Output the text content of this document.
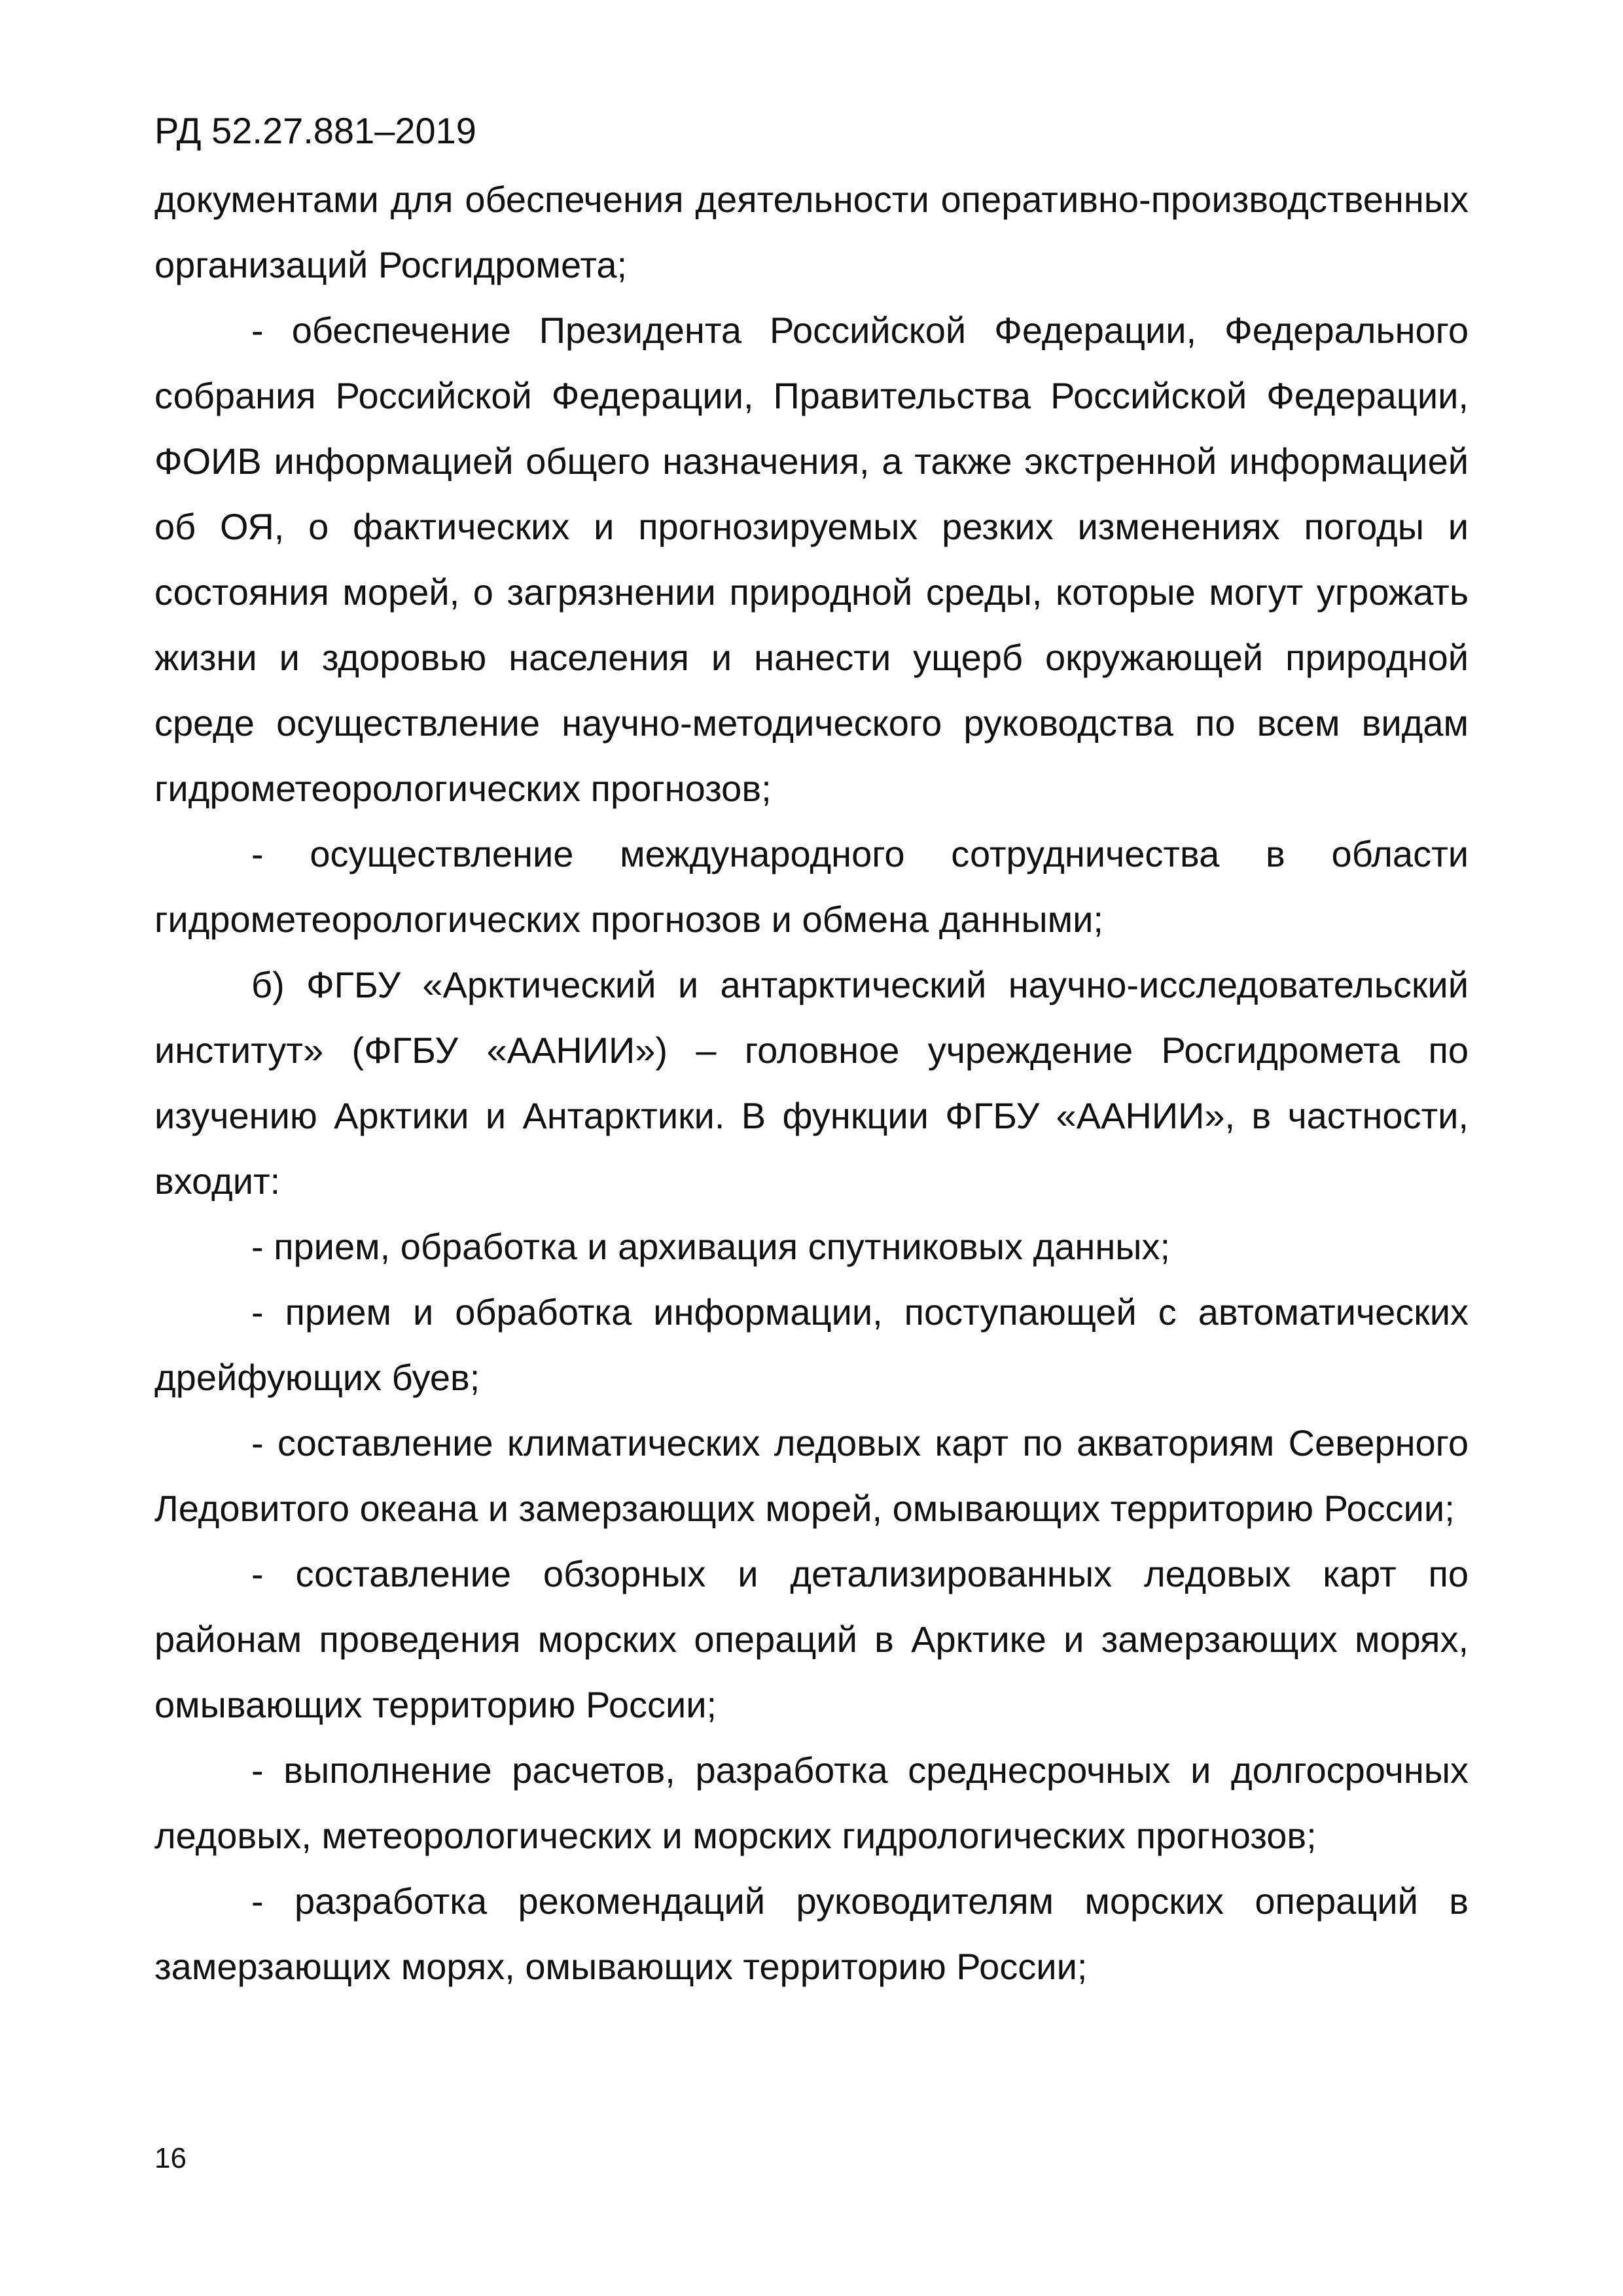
РД 52.27.881–2019

документами для обеспечения деятельности оперативно-производственных организаций Росгидромета;

- обеспечение Президента Российской Федерации, Федерального собрания Российской Федерации, Правительства Российской Федерации, ФОИВ информацией общего назначения, а также экстренной информацией об ОЯ, о фактических и прогнозируемых резких изменениях погоды и состояния морей, о загрязнении природной среды, которые могут угрожать жизни и здоровью населения и нанести ущерб окружающей природной среде осуществление научно-методического руководства по всем видам гидрометеорологических прогнозов;

- осуществление международного сотрудничества в области гидрометеорологических прогнозов и обмена данными;

б) ФГБУ «Арктический и антарктический научно-исследовательский институт» (ФГБУ «ААНИИ») – головное учреждение Росгидромета по изучению Арктики и Антарктики. В функции ФГБУ «ААНИИ», в частности, входит:

- прием, обработка и архивация спутниковых данных;

- прием и обработка информации, поступающей с автоматических дрейфующих буев;

- составление климатических ледовых карт по акваториям Северного Ледовитого океана и замерзающих морей, омывающих территорию России;

- составление обзорных и детализированных ледовых карт по районам проведения морских операций в Арктике и замерзающих морях, омывающих территорию России;

- выполнение расчетов, разработка среднесрочных и долгосрочных ледовых, метеорологических и морских гидрологических прогнозов;

- разработка рекомендаций руководителям морских операций в замерзающих морях, омывающих территорию России;

16
